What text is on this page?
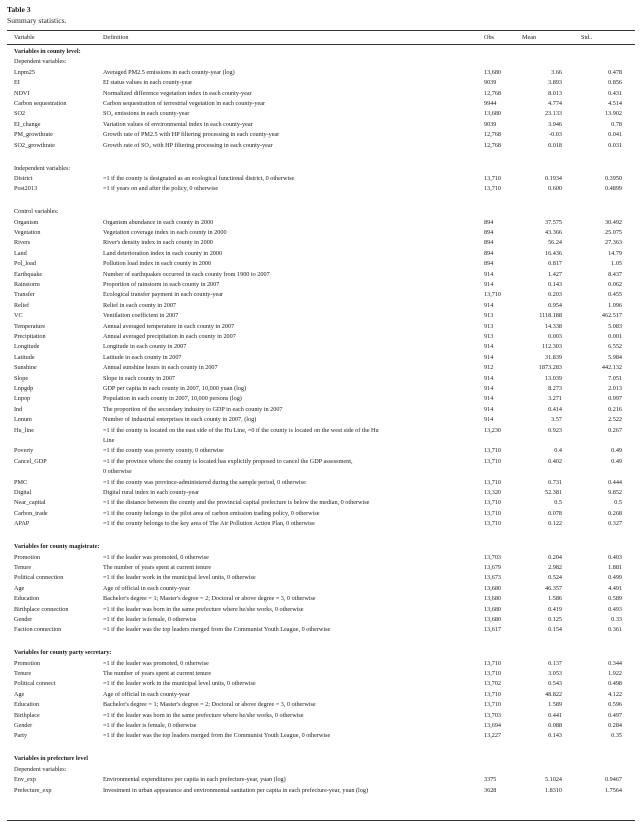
Table 3
Summary statistics.
Variable	Definition	Obs	Mean	Std..
Variables in county level:
Dependent variables:
Lnpm25	Averaged PM2.5 emissions in each county-year (log)	13,680	3.66	0.478
EI	EI status values in each county-year	9039	3.893	0.856
NDVI	Normalized difference vegetation index in each county-year	12,768	8.013	0.431
Carbon sequestration	Carbon sequestration of terrestrial vegetation in each county-year	9944	4.774	4.514
SO2	SO₂ emissions in each county-year	13,680	23.133	13.902
EI_change	Variation values of environmental index in each county-year	9039	3.946	0.78
PM_growthrate	Growth rate of PM2.5 with HP filtering processing in each county-year	12,768	-0.03	0.041
SO2_growthrate	Growth rate of SO₂ with HP filtering processing in each county-year	12,768	0.018	0.031
Independent variables:
District	=1 if the county is designated as an ecological functional district, 0 otherwise	13,710	0.1934	0.3950
Post2013	=1 if years on and after the policy, 0 otherwise	13,710	0.600	0.4899
Control variables:
Organism	Organism abundance in each county in 2000	894	37.575	30.492
Vegetation	Vegetation coverage index in each county in 2000	894	43.366	25.075
Rivers	River's density index in each county in 2000	894	56.24	27.363
Land	Land deterioration index in each county in 2000	894	16.436	14.79
Pol_load	Pollution load index in each county in 2000	894	0.817	1.05
Earthquake	Number of earthquakes occurred in each county from 1900 to 2007	914	1.427	8.437
Rainstorm	Proportion of rainstorm in each county in 2007	914	0.143	0.062
Transfer	Ecological transfer payment in each county-year	13,710	0.203	0.455
Relief	Relief in each county in 2007	914	0.954	1.096
VC	Ventilation coefficient in 2007	913	1118.188	462.517
Temperature	Annual averaged temperature in each county in 2007	913	14.338	5.083
Precipitation	Annual averaged precipitation in each county in 2007	913	0.003	0.001
Longitude	Longitude in each county in 2007	914	112.303	6.552
Latitude	Latitude in each county in 2007	914	31.839	5.984
Sunshine	Annual sunshine hours in each county in 2007	912	1873.283	442.132
Slope	Slope in each county in 2007	914	13.039	7.051
Lnpgdp	GDP per capita in each county in 2007, 10,000 yuan (log)	914	8.273	2.013
Lnpop	Population in each county in 2007, 10,000 persons (log)	914	3.271	0.997
Ind	The proportion of the secondary industry to GDP in each county in 2007	914	0.414	0.216
Lnnum	Number of industrial enterprises in each county in 2007, (log)	914	3.57	2.522
Hu_line	=1 if the county is located on the east side of the Hu Line, =0 if the county is located on the west side of the Hu	13,230	0.923	0.267
Line
Poverty	=1 if the county was poverty county, 0 otherwise	13,710	0.4	0.49
Cancel_GDP	=1 if the province where the county is located has explicitly proposed to cancel the GDP assessment,	13,710	0.402	0.49
0 otherwise
PMC	=1 if the county was province-administered during the sample period, 0 otherwise	13,710	0.731	0.444
Digital	Digital rural index in each county-year	13,320	52.381	9.852
Near_capital	=1 if the distance between the county and the provincial capital prefecture is below the median, 0 otherwise	13,710	0.5	0.5
Carbon_trade	=1 if the county belongs to the pilot area of carbon emission trading policy, 0 otherwise	13,710	0.078	0.268
APAP	=1 if the county belongs to the key area of The Air Pollution Action Plan, 0 otherwise	13,710	0.122	0.327
Variables for county magistrate:
Promotion	=1 if the leader was promoted, 0 otherwise	13,703	0.204	0.403
Tenure	The number of years spent at current tenure	13,679	2.982	1.881
Political connection	=1 if the leader work in the municipal level units, 0 otherwise	13,673	0.524	0.499
Age	Age of official in each county-year	13,680	46.357	4.491
Education	Bachelor's degree = 1; Master's degree = 2; Doctoral or above degree = 3, 0 otherwise	13,680	1.586	0.589
Birthplace connection	=1 if the leader was born in the same prefecture where he/she works, 0 otherwise	13,680	0.419	0.493
Gender	=1 if the leader is female, 0 otherwise	13,680	0.125	0.33
Faction connection	=1 if the leader was the top leaders merged from the Communist Youth League, 0 otherwise	13,617	0.154	0.361
Variables for county party secretary:
Promotion	=1 if the leader was promoted, 0 otherwise	13,710	0.137	0.344
Tenure	The number of years spent at current tenure	13,710	3.053	1.922
Political connect	=1 if the leader work in the municipal level units, 0 otherwise	13,702	0.543	0.498
Age	Age of official in each county-year	13,710	48.822	4.122
Education	Bachelor's degree = 1; Master's degree = 2; Doctoral or above degree = 3, 0 otherwise	13,710	1.589	0.596
Birthplace	=1 if the leader was born in the same prefecture where he/she works, 0 otherwise	13,703	0.441	0.497
Gender	=1 if the leader is female, 0 otherwise	13,694	0.088	0.284
Party	=1 if the leader was the top leaders merged from the Communist Youth League, 0 otherwise	13,227	0.143	0.35
Variables in prefecture level
Dependent variables:
Env_exp	Environmental expenditures per capita in each prefecture-year, yuan (log)	3375	5.1024	0.9467
Prefecture_exp	Investment in urban appearance and environmental sanitation per capita in each prefecture-year, yuan (log)	3628	1.8310	1.7564
